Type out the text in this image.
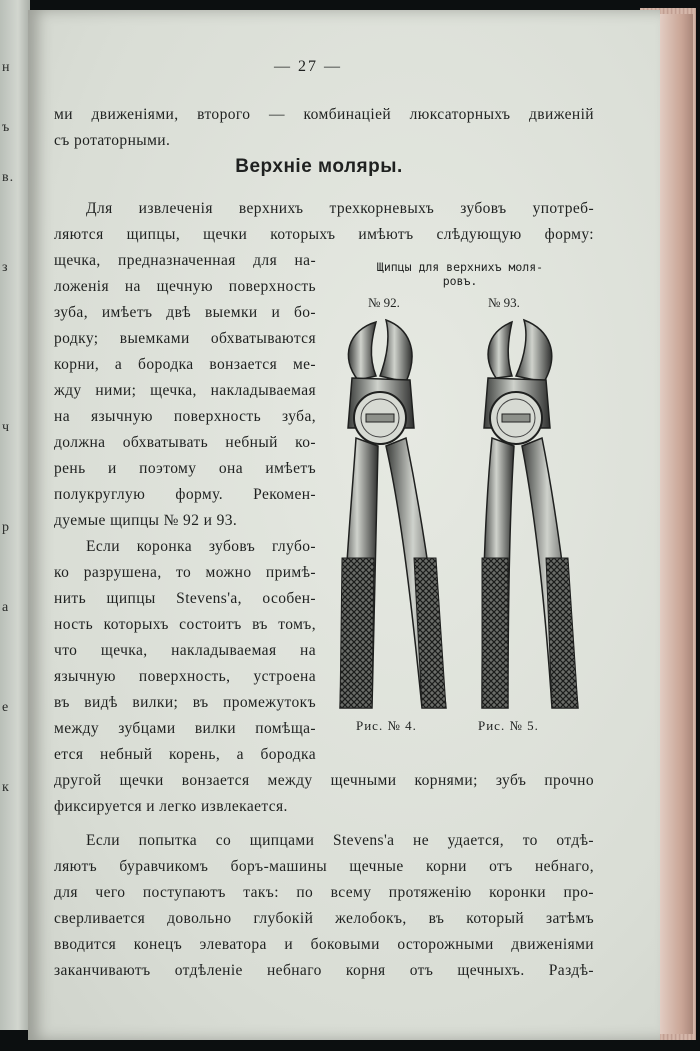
н
ъ
в.
з
ч
р
а
е
к
— 27 —
ми движеніями, второго — комбинаціей люксаторныхъ движеній
съ ротаторными.
Верхніе моляры.
Для извлеченія верхнихъ трехкорневыхъ зубовъ употреб-
ляются щипцы, щечки которыхъ имѣютъ слѣдующую форму:
щечка, предназначенная для на-
ложенія на щечную поверхность
зуба, имѣетъ двѣ выемки и бо-
родку; выемками обхватываются
корни, а бородка вонзается ме-
жду ними; щечка, накладываемая
на язычную поверхность зуба,
должна обхватывать небный ко-
рень и поэтому она имѣетъ
полукруглую форму. Рекомен-
дуемые щипцы № 92 и 93.
Если коронка зубовъ глубо-
ко разрушена, то можно примѣ-
нить щипцы Stevens'a, особен-
ность которыхъ состоитъ въ томъ,
что щечка, накладываемая на
язычную поверхность, устроена
въ видѣ вилки; въ промежутокъ
между зубцами вилки помѣща-
ется небный корень, а бородка
другой щечки вонзается между щечными корнями; зубъ прочно
фиксируется и легко извлекается.
Если попытка со щипцами Stevens'a не удается, то отдѣ-
ляютъ буравчикомъ боръ-машины щечные корни отъ небнаго,
для чего поступаютъ такъ: по всему протяженію коронки про-
сверливается довольно глубокій желобокъ, въ который затѣмъ
вводится конецъ элеватора и боковыми осторожными движеніями
заканчиваютъ отдѣленіе небнаго корня отъ щечныхъ. Раздѣ-
Щипцы для верхнихъ моля-
ровъ.
№ 92.	№ 93.
Рис. № 4.	Рис. № 5.
